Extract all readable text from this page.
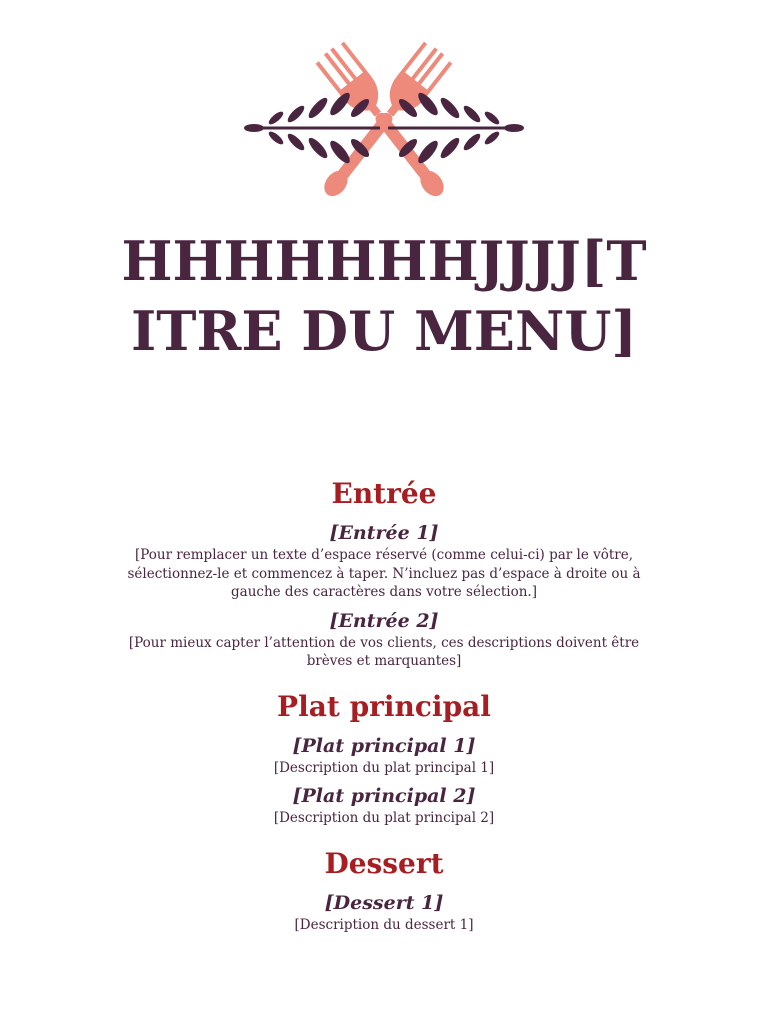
HHHHHHHJJJJ[TITRE DU MENU]
Entrée
[Entrée 1]
[Pour remplacer un texte d’espace réservé (comme celui-ci) par le vôtre, sélectionnez-le et commencez à taper. N’incluez pas d’espace à droite ou à gauche des caractères dans votre sélection.]
[Entrée 2]
[Pour mieux capter l’attention de vos clients, ces descriptions doivent être brèves et marquantes]
Plat principal
[Plat principal 1]
[Description du plat principal 1]
[Plat principal 2]
[Description du plat principal 2]
Dessert
[Dessert 1]
[Description du dessert 1]
